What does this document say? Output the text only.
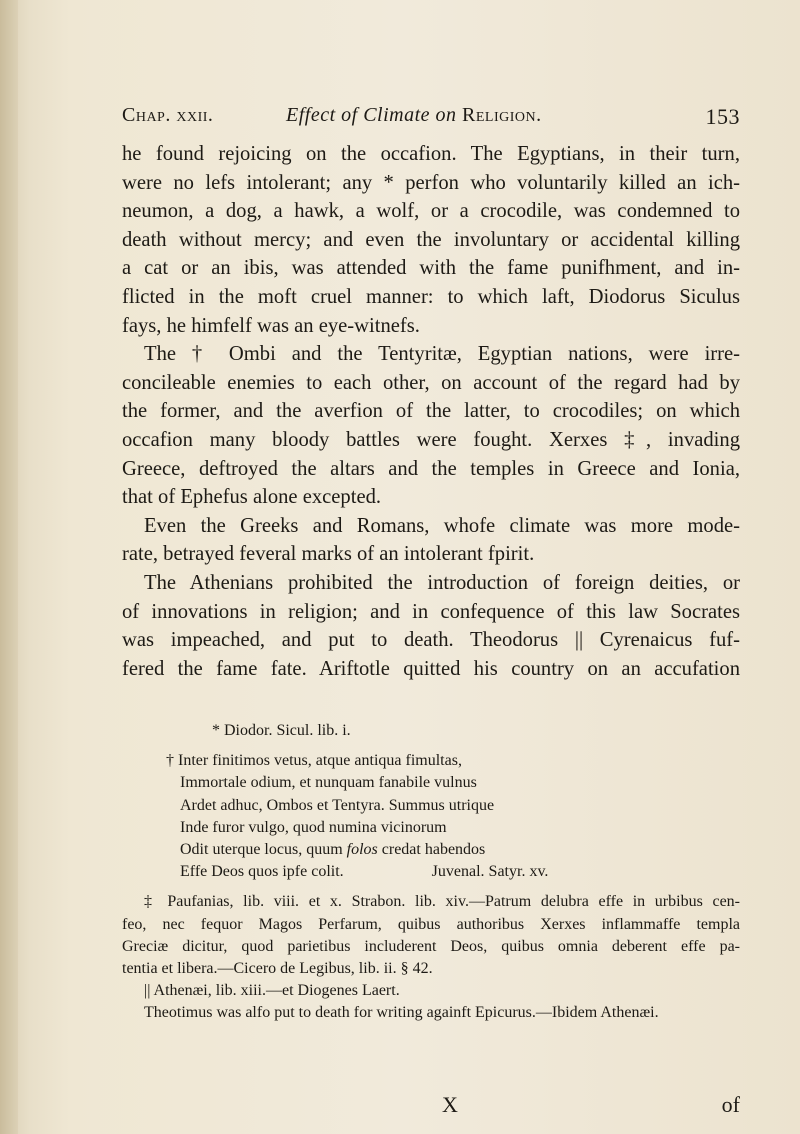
Chap. xxii.	Effect of Climate on Religion.	153
he found rejoicing on the occafion. The Egyptians, in their turn,
were no lefs intolerant; any * perfon who voluntarily killed an ich-
neumon, a dog, a hawk, a wolf, or a crocodile, was condemned to
death without mercy; and even the involuntary or accidental killing
a cat or an ibis, was attended with the fame punifhment, and in-
flicted in the moft cruel manner: to which laft, Diodorus Siculus
fays, he himfelf was an eye-witnefs.
The † Ombi and the Tentyritæ, Egyptian nations, were irre-
concileable enemies to each other, on account of the regard had by
the former, and the averfion of the latter, to crocodiles; on which
occafion many bloody battles were fought. Xerxes ‡, invading
Greece, deftroyed the altars and the temples in Greece and Ionia,
that of Ephefus alone excepted.
Even the Greeks and Romans, whofe climate was more mode-
rate, betrayed feveral marks of an intolerant fpirit.
The Athenians prohibited the introduction of foreign deities, or
of innovations in religion; and in confequence of this law Socrates
was impeached, and put to death. Theodorus || Cyrenaicus fuf-
fered the fame fate. Ariftotle quitted his country on an accufation
* Diodor. Sicul. lib. i.
† Inter finitimos vetus, atque antiqua fimultas,
Immortale odium, et nunquam fanabile vulnus
Ardet adhuc, Ombos et Tentyra. Summus utrique
Inde furor vulgo, quod numina vicinorum
Odit uterque locus, quum folos credat habendos
Effe Deos quos ipfe colit.	Juvenal. Satyr. xv.
‡ Paufanias, lib. viii. et x. Strabon. lib. xiv.—Patrum delubra effe in urbibus cen-
feo, nec fequor Magos Perfarum, quibus authoribus Xerxes inflammaffe templa
Greciæ dicitur, quod parietibus includerent Deos, quibus omnia deberent effe pa-
tentia et libera.—Cicero de Legibus, lib. ii. § 42.
|| Athenæi, lib. xiii.—et Diogenes Laert.
Theotimus was alfo put to death for writing againft Epicurus.—Ibidem Athenæi.
X	of
